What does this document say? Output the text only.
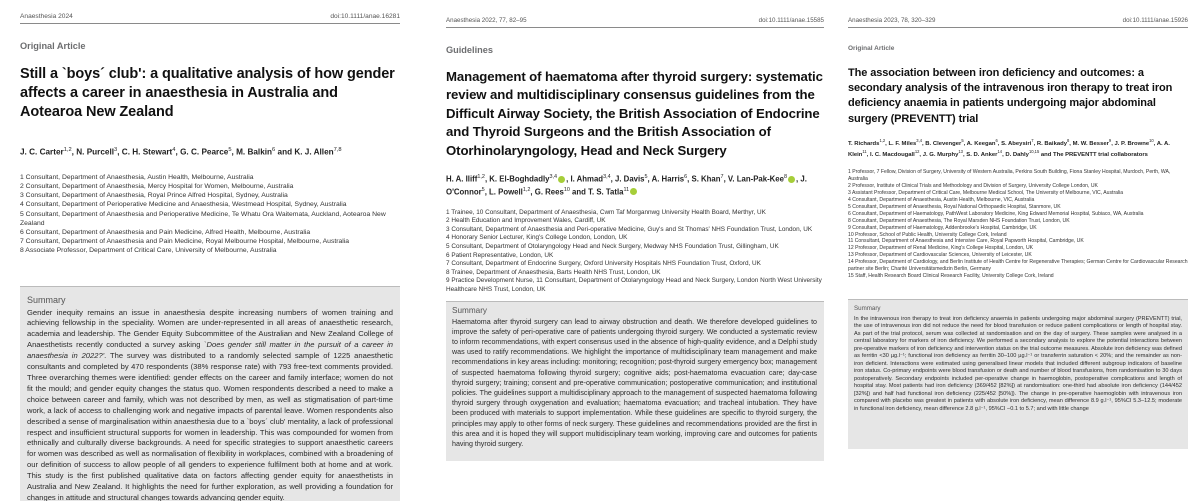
Anaesthesia 2024	doi:10.1111/anae.16281
Original Article
Still a `boys´ club': a qualitative analysis of how gender affects a career in anaesthesia in Australia and Aotearoa New Zealand
J. C. Carter$^{1,2}$, N. Purcell$^3$, C. H. Stewart$^4$, G. C. Pearce$^5$, M. Balkin$^6$ and K. J. Allen$^{7,8}$
1 Consultant, Department of Anaesthesia, Austin Health, Melbourne, Australia
2 Consultant, Department of Anaesthesia, Mercy Hospital for Women, Melbourne, Australia
3 Consultant, Department of Anaesthesia, Royal Prince Alfred Hospital, Sydney, Australia
4 Consultant, Department of Perioperative Medicine and Anaesthesia, Westmead Hospital, Sydney, Australia
5 Consultant, Department of Anaesthesia and Perioperative Medicine, Te Whatu Ora Waitemata, Auckland, Aotearoa New Zealand
6 Consultant, Department of Anaesthesia and Pain Medicine, Alfred Health, Melbourne, Australia
7 Consultant, Department of Anaesthesia and Pain Medicine, Royal Melbourne Hospital, Melbourne, Australia
8 Associate Professor, Department of Critical Care, University of Melbourne, Australia
Summary
Gender inequity remains an issue in anaesthesia despite increasing numbers of women training and achieving fellowship in the speciality. Women are under-represented in all areas of anaesthetic research, academia and leadership. The Gender Equity Subcommittee of the Australian and New Zealand College of Anaesthetists recently conducted a survey asking `Does gender still matter in the pursuit of a career in anaesthesia in 2022?'. The survey was distributed to a randomly selected sample of 1225 anaesthetic consultants and completed by 470 respondents (38% response rate) with 793 free-text comments provided. Three overarching themes were identified: gender effects on the career and family interface; women do not fit the mould; and gender equity changes the status quo. Women respondents described a need to make a choice between career and family, which was not described by men, as well as stigmatisation of part-time work, a lack of access to challenging work and negative impacts of parental leave. Women respondents also described a sense of marginalisation within anaesthesia due to a `boys´ club' mentality, a lack of professional respect and insufficient structural supports for women in leadership. This was compounded for women from ethnically and culturally diverse backgrounds. A need for specific strategies to support anaesthetic careers for women was described as well as normalisation of flexibility in workplaces, combined with a broadening of our definition of success to allow people of all genders to experience fulfilment both at home and at work. This study is the first published qualitative data on factors affecting gender equity for anaesthetists in Australia and New Zealand. It highlights the need for further exploration, as well providing a foundation for changes in attitude and structural changes towards advancing gender equity.
Anaesthesia 2022, 77, 82–95	doi:10.1111/anae.15585
Guidelines
Management of haematoma after thyroid surgery: systematic review and multidisciplinary consensus guidelines from the Difficult Airway Society, the British Association of Endocrine and Thyroid Surgeons and the British Association of Otorhinolaryngology, Head and Neck Surgery
H. A. Iliff$^{1,2}$, K. El-Boghdadly$^{3,4}$ , I. Ahmad$^{3,4}$, J. Davis$^5$, A. Harris$^6$, S. Khan$^7$, V. Lan-Pak-Kee$^8$ , J. O'Connor$^5$, L. Powell$^{1,2}$, G. Rees$^{10}$ and T. S. Tatla$^{11}$
1 Trainee, 10 Consultant, Department of Anaesthesia, Cwm Taf Morgannwg University Health Board, Merthyr, UK
2 Health Education and Improvement Wales, Cardiff, UK
3 Consultant, Department of Anaesthesia and Peri-operative Medicine, Guy's and St Thomas' NHS Foundation Trust, London, UK
4 Honorary Senior Lecturer, King's College London, London, UK
5 Consultant, Department of Otolaryngology Head and Neck Surgery, Medway NHS Foundation Trust, Gillingham, UK
6 Patient Representative, London, UK
7 Consultant, Department of Endocrine Surgery, Oxford University Hospitals NHS Foundation Trust, Oxford, UK
8 Trainee, Department of Anaesthesia, Barts Health NHS Trust, London, UK
9 Practice Development Nurse, 11 Consultant, Department of Otolaryngology Head and Neck Surgery, London North West University Healthcare NHS Trust, London, UK
Summary
Haematoma after thyroid surgery can lead to airway obstruction and death. We therefore developed guidelines to improve the safety of peri-operative care of patients undergoing thyroid surgery. We conducted a systematic review to inform recommendations, with expert consensus used in the absence of high-quality evidence, and a Delphi study was used to ratify recommendations. We highlight the importance of multidisciplinary team management and make recommendations in key areas including: monitoring; recognition; post-thyroid surgery emergency box; management of suspected haematoma following thyroid surgery; cognitive aids; post-haematoma evacuation care; day-case thyroid surgery; training; consent and pre-operative communication; postoperative communication; and institutional policies. The guidelines support a multidisciplinary approach to the management of suspected haematoma following thyroid surgery through oxygenation and evaluation; haematoma evacuation; and tracheal intubation. They have been produced with materials to support implementation. While these guidelines are specific to thyroid surgery, the principles may apply to other forms of neck surgery. These guidelines and recommendations provided are the first in this area and it is hoped they will support multidisciplinary team working, improving care and outcomes for patients having thyroid surgery.
Anaesthesia 2023, 78, 320–329	doi:10.1111/anae.15926
Original Article
The association between iron deficiency and outcomes: a secondary analysis of the intravenous iron therapy to treat iron deficiency anaemia in patients undergoing major abdominal surgery (PREVENTT) trial
T. Richards$^{1,2}$, L. F. Miles$^{3,4}$, B. Clevenger$^5$, A. Keegan$^6$, S. Abeysiri$^7$, R. Baikady$^8$, M. W. Besser$^9$, J. P. Browne$^{10}$, A. A. Klein$^{11}$, I. C. Macdougall$^{12}$, J. G. Murphy$^{13}$, S. D. Anker$^{14}$, D. Dahly$^{10,15}$ and The PREVENTT trial collaborators
1 Professor, 7 Fellow, Division of Surgery, University of Western Australia, Perkins South Building, Fiona Stanley Hospital, Murdoch, Perth, WA, Australia
2 Professor, Institute of Clinical Trials and Methodology and Division of Surgery, University College London, UK
3 Assistant Professor, Department of Critical Care, Melbourne Medical School, The University of Melbourne, VIC, Australia
4 Consultant, Department of Anaesthesia, Austin Health, Melbourne, VIC, Australia
5 Consultant, Department of Anaesthesia, Royal National Orthopaedic Hospital, Stanmore, UK
6 Consultant, Department of Haematology, PathWest Laboratory Medicine, King Edward Memorial Hospital, Subiaco, WA, Australia
8 Consultant, Department of Anaesthesia, The Royal Marsden NHS Foundation Trust, London, UK
9 Consultant, Department of Haematology, Addenbrooke's Hospital, Cambridge, UK
10 Professor, School of Public Health, University College Cork, Ireland
11 Consultant, Department of Anaesthesia and Intensive Care, Royal Papworth Hospital, Cambridge, UK
12 Professor, Department of Renal Medicine, King's College Hospital, London, UK
13 Professor, Department of Cardiovascular Sciences, University of Leicester, UK
14 Professor, Department of Cardiology, and Berlin Institute of Health Centre for Regenerative Therapies; German Centre for Cardiovascular Research partner site Berlin; Charité Universitätsmedizin Berlin, Germany
15 Staff, Health Research Board Clinical Research Facility, University College Cork, Ireland
Summary
In the intravenous iron therapy to treat iron deficiency anaemia in patients undergoing major abdominal surgery (PREVENTT) trial, the use of intravenous iron did not reduce the need for blood transfusion or reduce patient complications or length of hospital stay. As part of the trial protocol, serum was collected at randomisation and on the day of surgery. These samples were analysed in a central laboratory for markers of iron deficiency. We performed a secondary analysis to explore the potential interactions between pre-operative markers of iron deficiency and intervention status on the trial outcome measures. Absolute iron deficiency was defined as ferritin <30 µg.l⁻¹; functional iron deficiency as ferritin 30–100 µg.l⁻¹ or transferrin saturation < 20%; and the remainder as non-iron deficient. Interactions were estimated using generalised linear models that included different subgroup indicators of baseline iron status. Co-primary endpoints were blood transfusion or death and number of blood transfusions, from randomisation to 30 days postoperatively. Secondary endpoints included per-operative change in haemoglobin, postoperative complications and length of hospital stay. Most patients had iron deficiency (369/452 [82%]) at randomisation: one-third had absolute iron deficiency (144/452 [32%]) and half had functional iron deficiency (225/452 [50%]). The change in pre-operative haemoglobin with intravenous iron compared with placebo was greatest in patients with absolute iron deficiency, mean difference 8.9 g.l⁻¹, 95%CI 5.3–12.5; moderate in functional iron deficiency, mean difference 2.8 g.l⁻¹, 95%CI −0.1 to 5.7; and with little change
